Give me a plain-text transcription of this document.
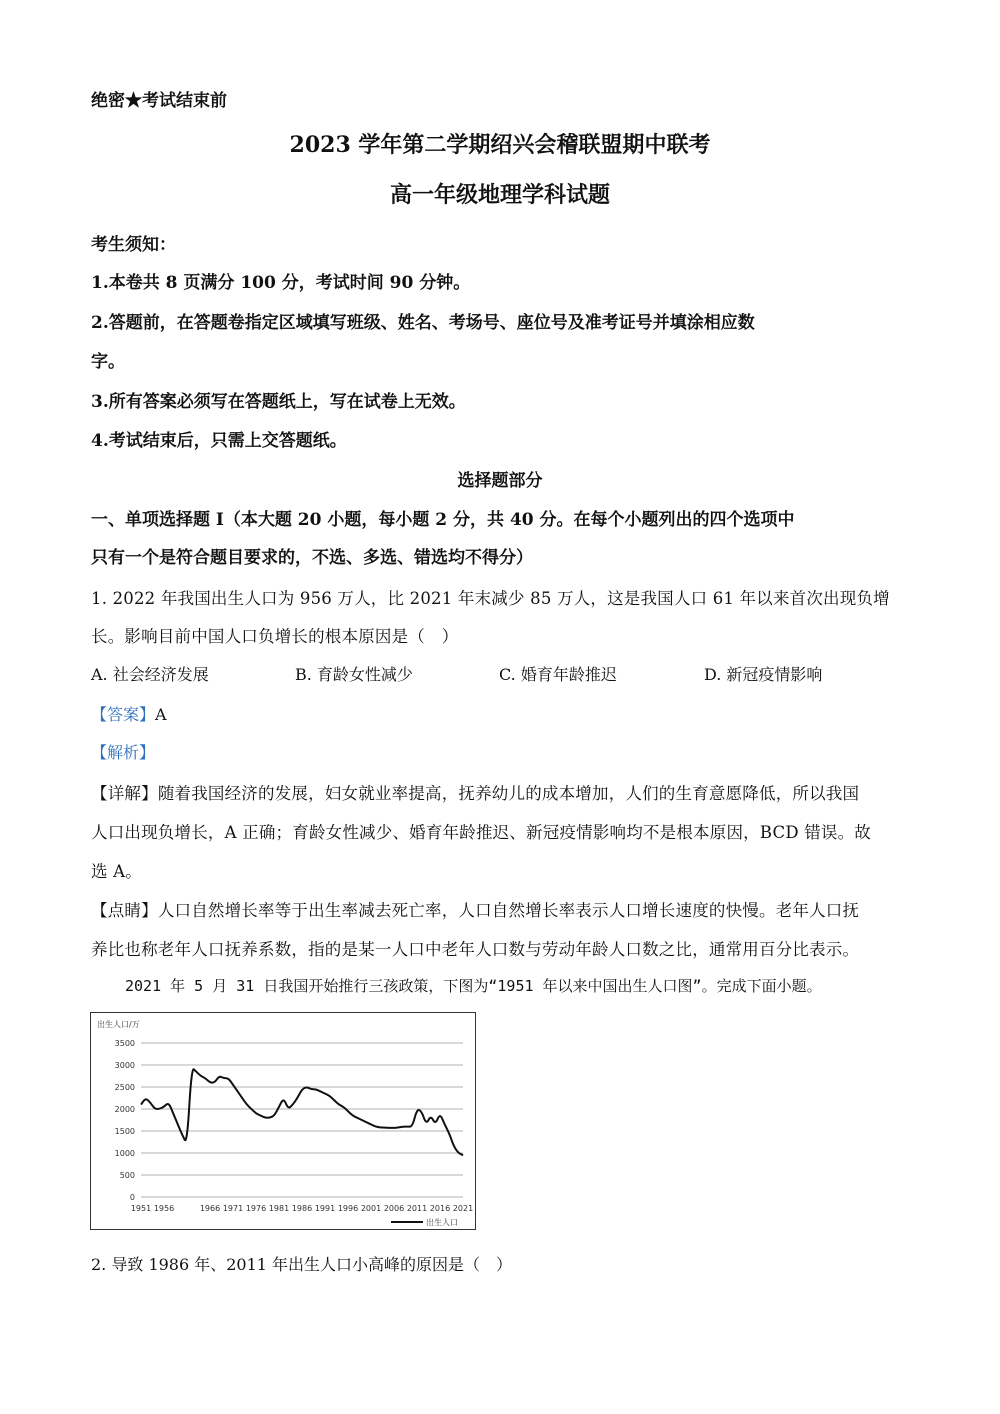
绝密★考试结束前
2023 学年第二学期绍兴会稽联盟期中联考
高一年级地理学科试题
考生须知：
1.本卷共 8 页满分 100 分，考试时间 90 分钟。
2.答题前，在答题卷指定区域填写班级、姓名、考场号、座位号及准考证号并填涂相应数
字。
3.所有答案必须写在答题纸上，写在试卷上无效。
4.考试结束后，只需上交答题纸。
选择题部分
一、单项选择题 I（本大题 20 小题，每小题 2 分，共 40 分。在每个小题列出的四个选项中
只有一个是符合题目要求的，不选、多选、错选均不得分）
1. 2022 年我国出生人口为 956 万人，比 2021 年末减少 85 万人，这是我国人口 61 年以来首次出现负增
长。影响目前中国人口负增长的根本原因是（　）
A. 社会经济发展	B. 育龄女性减少	C. 婚育年龄推迟	D. 新冠疫情影响
【答案】A
【解析】
【详解】随着我国经济的发展，妇女就业率提高，抚养幼儿的成本增加，人们的生育意愿降低，所以我国
人口出现负增长，A 正确；育龄女性减少、婚育年龄推迟、新冠疫情影响均不是根本原因，BCD 错误。故
选 A。
【点睛】人口自然增长率等于出生率减去死亡率，人口自然增长率表示人口增长速度的快慢。老年人口抚
养比也称老年人口抚养系数，指的是某一人口中老年人口数与劳动年龄人口数之比，通常用百分比表示。
2021 年 5 月 31 日我国开始推行三孩政策，下图为“1951 年以来中国出生人口图”。完成下面小题。
出生人口/万
0
500
1000
1500
2000
2500
3000
3500
1951 1956	1966 1971 1976 1981 1986 1991 1996 2001 2006 2011 2016 2021
出生人口
2. 导致 1986 年、2011 年出生人口小高峰的原因是（　）
